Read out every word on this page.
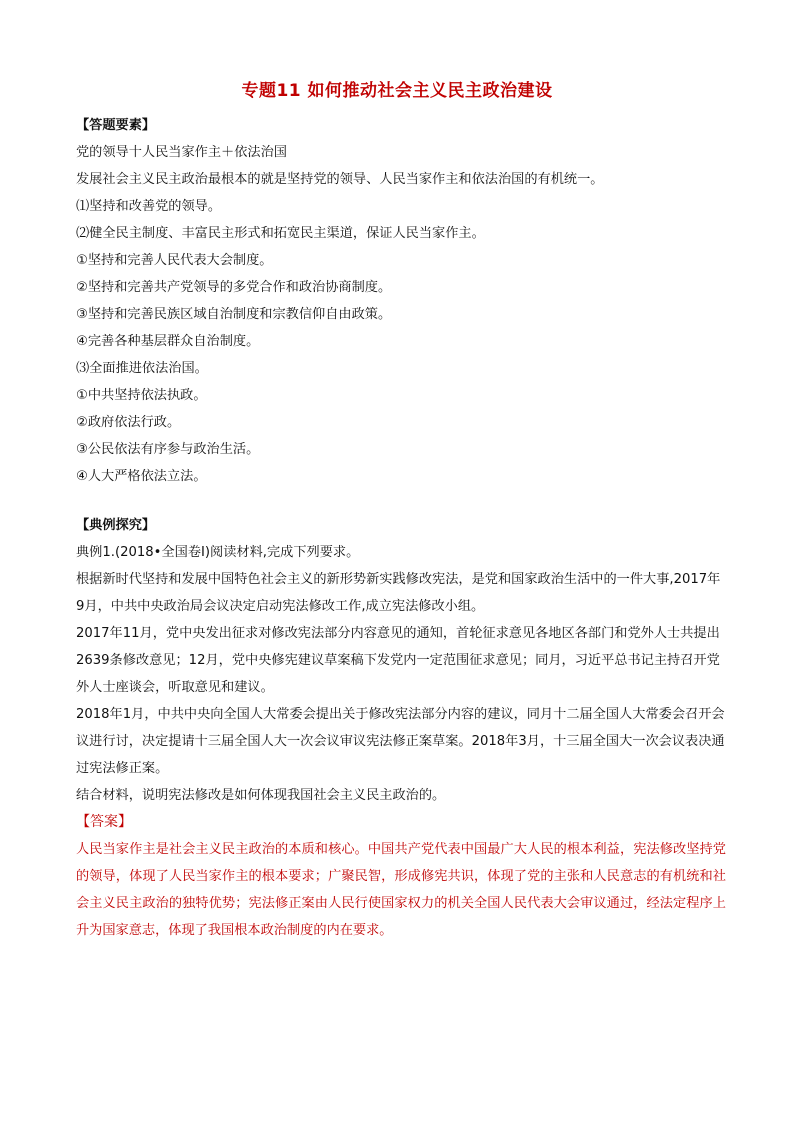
专题11 如何推动社会主义民主政治建设
【答题要素】
党的领导十人民当家作主＋依法治国
发展社会主义民主政治最根本的就是坚持党的领导、人民当家作主和依法治国的有机统一。
⑴坚持和改善党的领导。
⑵健全民主制度、丰富民主形式和拓宽民主渠道，保证人民当家作主。
①坚持和完善人民代表大会制度。
②坚持和完善共产党领导的多党合作和政治协商制度。
③坚持和完善民族区域自治制度和宗教信仰自由政策。
④完善各种基层群众自治制度。
⑶全面推进依法治国。
①中共坚持依法执政。
②政府依法行政。
③公民依法有序参与政治生活。
④人大严格依法立法。
【典例探究】
典例1.(2018•全国卷Ⅰ)阅读材料,完成下列要求。
根据新时代坚持和发展中国特色社会主义的新形势新实践修改宪法，是党和国家政治生活中的一件大事,2017年9月，中共中央政治局会议决定启动宪法修改工作,成立宪法修改小组。
2017年11月，党中央发出征求对修改宪法部分内容意见的通知，首轮征求意见各地区各部门和党外人士共提出2639条修改意见；12月，党中央修宪建议草案稿下发党内一定范围征求意见；同月，习近平总书记主持召开党外人士座谈会，听取意见和建议。
2018年1月，中共中央向全国人大常委会提出关于修改宪法部分内容的建议，同月十二届全国人大常委会召开会议进行讨，决定提请十三届全国人大一次会议审议宪法修正案草案。2018年3月，十三届全国大一次会议表决通过宪法修正案。
结合材料，说明宪法修改是如何体现我国社会主义民主政治的。
【答案】
人民当家作主是社会主义民主政治的本质和核心。中国共产党代表中国最广大人民的根本利益，宪法修改坚持党的领导，体现了人民当家作主的根本要求；广聚民智，形成修宪共识，体现了党的主张和人民意志的有机统和社会主义民主政治的独特优势；宪法修正案由人民行使国家权力的机关全国人民代表大会审议通过，经法定程序上升为国家意志，体现了我国根本政治制度的内在要求。
